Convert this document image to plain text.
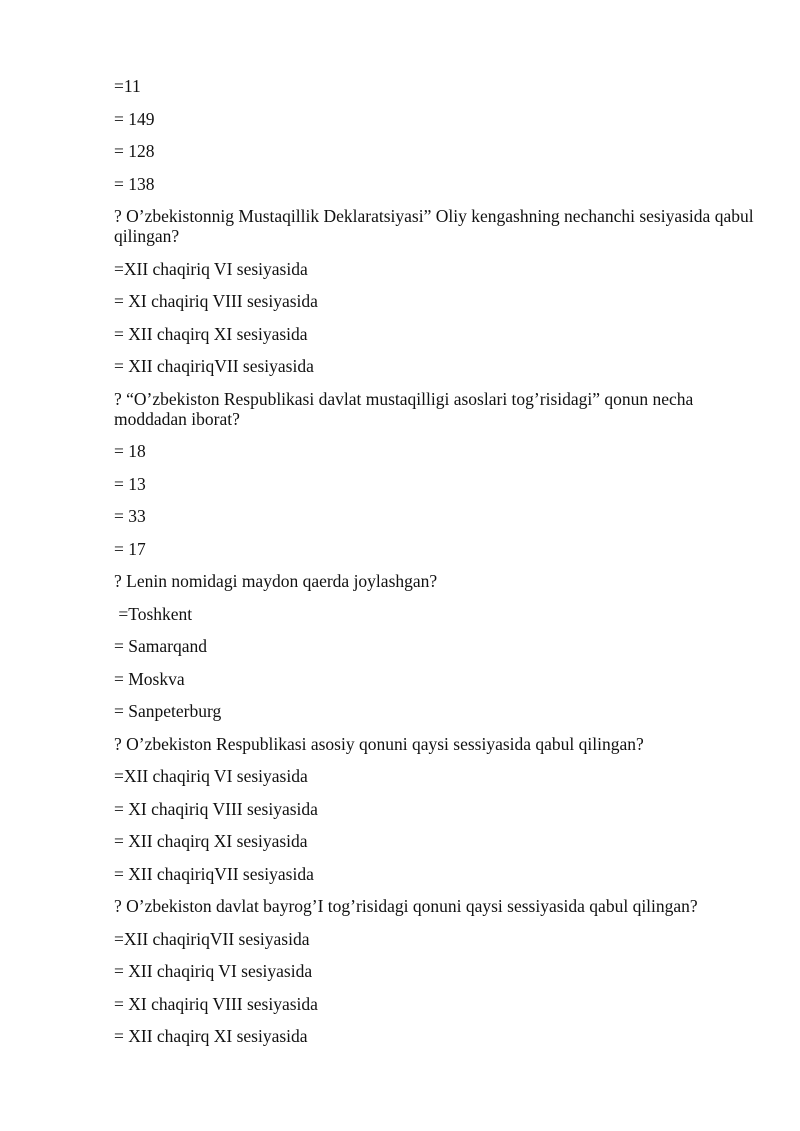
=11

= 149

= 128

= 138

? O’zbekistonnig Mustaqillik Deklaratsiyasi” Oliy kengashning nechanchi sesiyasida qabul qilingan?

=XII chaqiriq VI sesiyasida

= XI chaqiriq VIII sesiyasida

= XII chaqirq XI sesiyasida

= XII chaqiriqVII sesiyasida

? “O’zbekiston Respublikasi davlat mustaqilligi asoslari tog’risidagi” qonun necha moddadan iborat?

= 18

= 13

= 33

= 17

? Lenin nomidagi maydon qaerda joylashgan?

=Toshkent

= Samarqand

= Moskva

= Sanpeterburg

? O’zbekiston Respublikasi asosiy qonuni qaysi sessiyasida qabul qilingan?

=XII chaqiriq VI sesiyasida

= XI chaqiriq VIII sesiyasida

= XII chaqirq XI sesiyasida

= XII chaqiriqVII sesiyasida

? O’zbekiston davlat bayrog’I tog’risidagi qonuni qaysi sessiyasida qabul qilingan?

=XII chaqiriqVII sesiyasida

= XII chaqiriq VI sesiyasida

= XI chaqiriq VIII sesiyasida

= XII chaqirq XI sesiyasida
